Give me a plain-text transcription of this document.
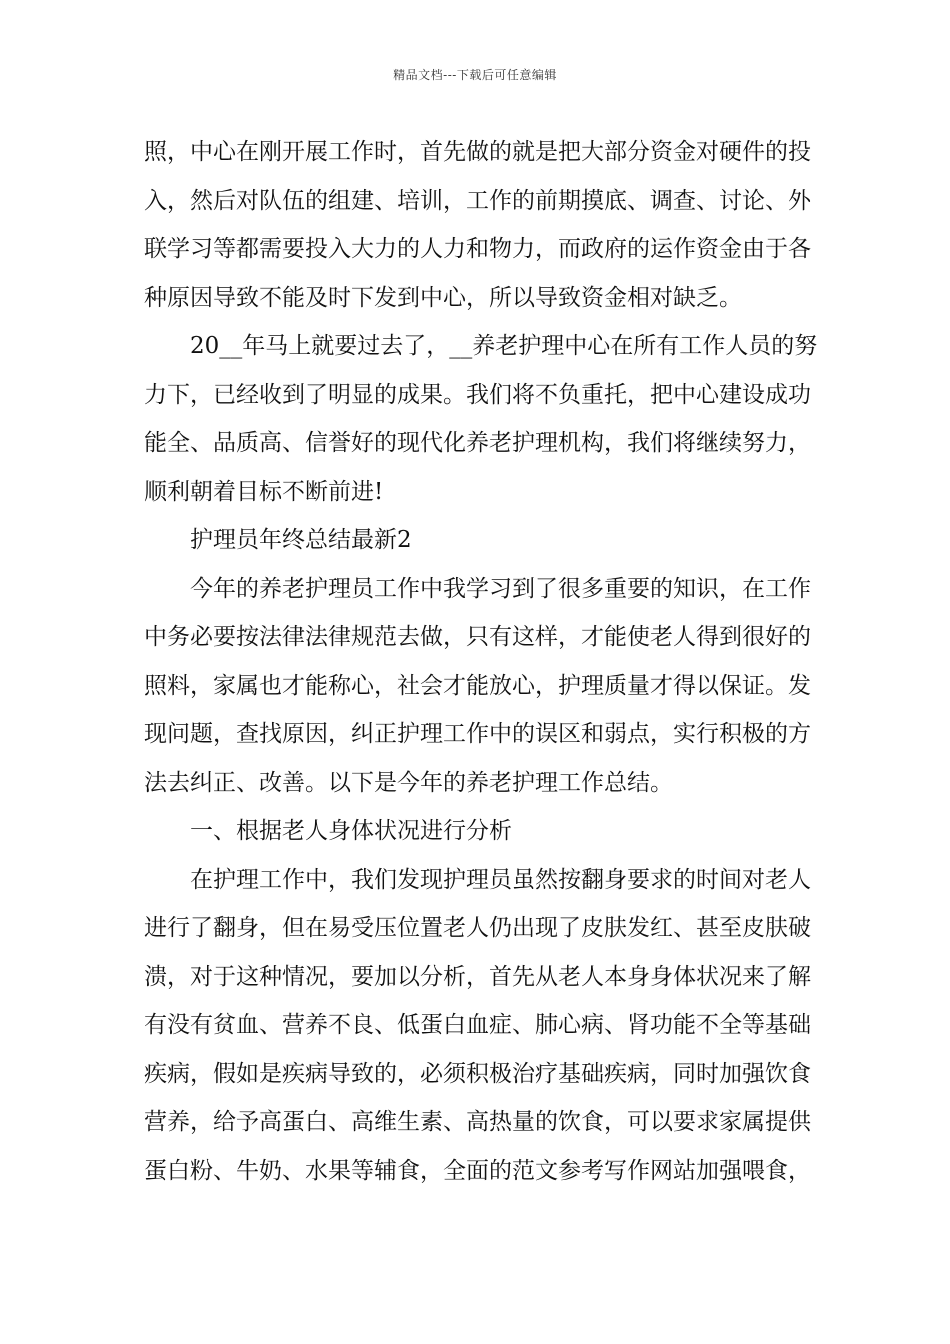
精品文档---下载后可任意编辑
照，中心在刚开展工作时，首先做的就是把大部分资金对硬件的投
入，然后对队伍的组建、培训，工作的前期摸底、调查、讨论、外
联学习等都需要投入大力的人力和物力，而政府的运作资金由于各
种原因导致不能及时下发到中心，所以导致资金相对缺乏。
20__年马上就要过去了，__养老护理中心在所有工作人员的努
力下，已经收到了明显的成果。我们将不负重托，把中心建设成功
能全、品质高、信誉好的现代化养老护理机构，我们将继续努力，
顺利朝着目标不断前进!
护理员年终总结最新2
今年的养老护理员工作中我学习到了很多重要的知识，在工作
中务必要按法律法律规范去做，只有这样，才能使老人得到很好的
照料，家属也才能称心，社会才能放心，护理质量才得以保证。发
现问题，查找原因，纠正护理工作中的误区和弱点，实行积极的方
法去纠正、改善。以下是今年的养老护理工作总结。
一、根据老人身体状况进行分析
在护理工作中，我们发现护理员虽然按翻身要求的时间对老人
进行了翻身，但在易受压位置老人仍出现了皮肤发红、甚至皮肤破
溃，对于这种情况，要加以分析，首先从老人本身身体状况来了解
有没有贫血、营养不良、低蛋白血症、肺心病、肾功能不全等基础
疾病，假如是疾病导致的，必须积极治疗基础疾病，同时加强饮食
营养，给予高蛋白、高维生素、高热量的饮食，可以要求家属提供
蛋白粉、牛奶、水果等辅食，全面的范文参考写作网站加强喂食，
